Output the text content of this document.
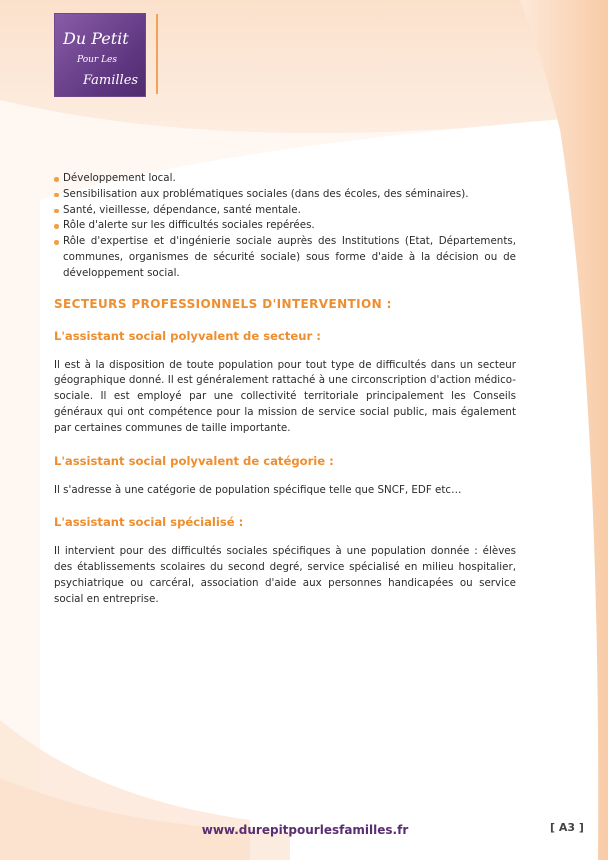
Du Petit
Pour Les
Familles
Développement local.
Sensibilisation aux problématiques sociales (dans des écoles, des séminaires).
Santé, vieillesse, dépendance, santé mentale.
Rôle d'alerte sur les difficultés sociales repérées.
Rôle d'expertise et d'ingénierie sociale auprès des Institutions (Etat, Départements, communes, organismes de sécurité sociale) sous forme d'aide à la décision ou de développement social.
SECTEURS PROFESSIONNELS D'INTERVENTION :
L'assistant social polyvalent de secteur :

Il est à la disposition de toute population pour tout type de difficultés dans un secteur géographique donné. Il est généralement rattaché à une circonscription d'action médico-sociale. Il est employé par une collectivité territoriale principalement les Conseils généraux qui ont compétence pour la mission de service social public, mais également par certaines communes de taille importante.

L'assistant social polyvalent de catégorie :

Il s'adresse à une catégorie de population spécifique telle que SNCF, EDF etc…

L'assistant social spécialisé :

Il intervient pour des difficultés sociales spécifiques à une population donnée : élèves des établissements scolaires du second degré, service spécialisé en milieu hospitalier, psychiatrique ou carcéral, association d'aide aux personnes handicapées ou service social en entreprise.

www.durepitpourlesfamilles.fr	[ A3 ]
